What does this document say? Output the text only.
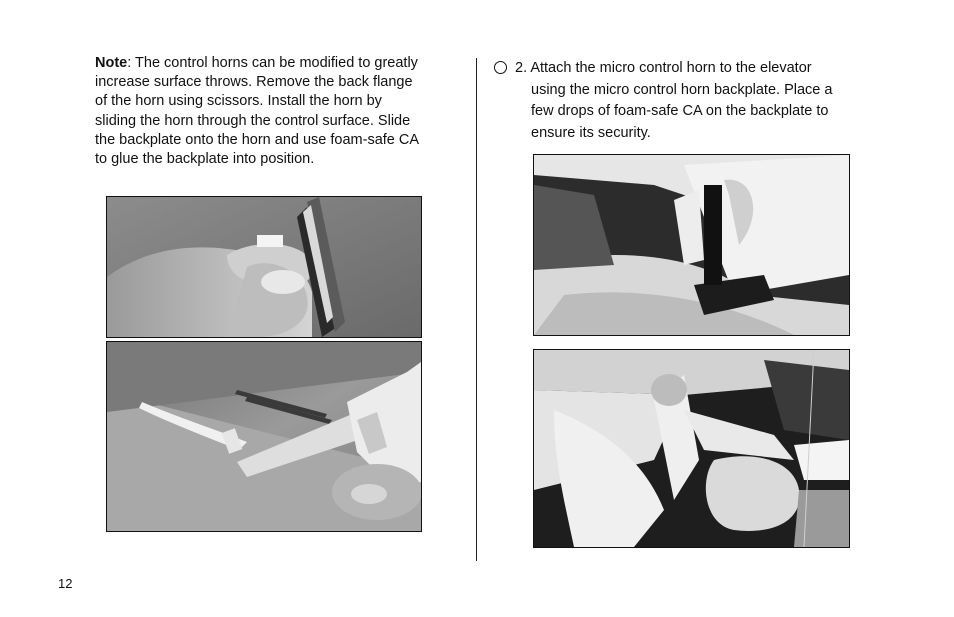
Note: The control horns can be modified to greatly increase surface throws. Remove the back flange of the horn using scissors. Install the horn by sliding the horn through the control surface. Slide the backplate onto the horn and use foam-safe CA to glue the backplate into position.
2. Attach the micro control horn to the elevator
using the micro control horn backplate. Place a few drops of foam-safe CA on the backplate to ensure its security.
12
